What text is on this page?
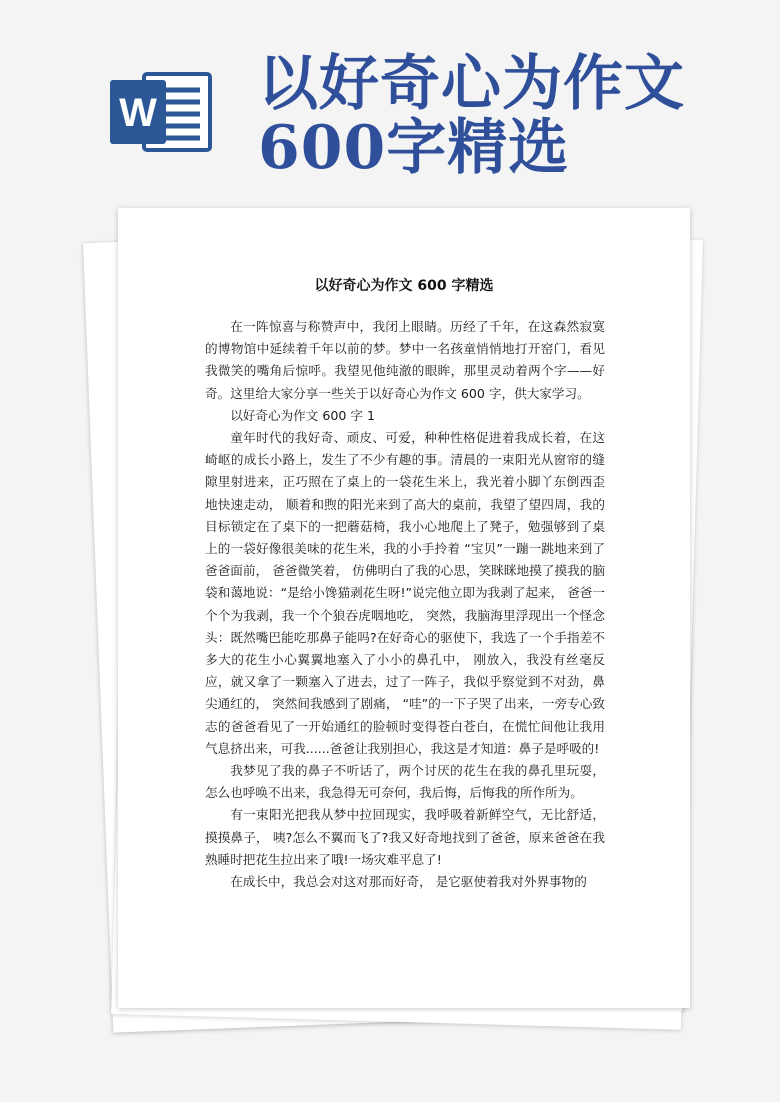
W 以好奇心为作文600字精选
以好奇心为作文 600 字精选

在一阵惊喜与称赞声中，我闭上眼睛。历经了千年，在这森然寂寞的博物馆中延续着千年以前的梦。梦中一名孩童悄悄地打开窑门，看见我微笑的嘴角后惊呼。我望见他纯澈的眼眸，那里灵动着两个字——好奇。这里给大家分享一些关于以好奇心为作文 600 字，供大家学习。

以好奇心为作文 600 字 1

童年时代的我好奇、顽皮、可爱，种种性格促进着我成长着，在这崎岖的成长小路上，发生了不少有趣的事。清晨的一束阳光从窗帘的缝隙里射进来，正巧照在了桌上的一袋花生米上，我光着小脚丫东倒西歪地快速走动， 顺着和煦的阳光来到了高大的桌前，我望了望四周，我的目标锁定在了桌下的一把蘑菇椅，我小心地爬上了凳子，勉强够到了桌上的一袋好像很美味的花生米，我的小手拎着 “宝贝”一蹦一跳地来到了爸爸面前， 爸爸微笑着， 仿佛明白了我的心思，笑眯眯地摸了摸我的脑袋和蔼地说：“是给小馋猫剥花生呀!”说完他立即为我剥了起来， 爸爸一个个为我剥，我一个个狼吞虎咽地吃， 突然，我脑海里浮现出一个怪念头：既然嘴巴能吃那鼻子能吗?在好奇心的驱使下，我选了一个手指差不多大的花生小心翼翼地塞入了小小的鼻孔中， 刚放入，我没有丝毫反应，就又拿了一颗塞入了进去，过了一阵子，我似乎察觉到不对劲，鼻尖通红的， 突然间我感到了剧痛， “哇”的一下子哭了出来，一旁专心致志的爸爸看见了一开始通红的脸顿时变得苍白苍白，在慌忙间他让我用气息挤出来，可我......爸爸让我别担心，我这是才知道：鼻子是呼吸的!

我梦见了我的鼻子不听话了，两个讨厌的花生在我的鼻孔里玩耍，怎么也呼唤不出来，我急得无可奈何，我后悔，后悔我的所作所为。

有一束阳光把我从梦中拉回现实，我呼吸着新鲜空气，无比舒适，摸摸鼻子， 咦?怎么不翼而飞了?我又好奇地找到了爸爸，原来爸爸在我熟睡时把花生拉出来了哦!一场灾难平息了!

在成长中，我总会对这对那而好奇， 是它驱使着我对外界事物的
